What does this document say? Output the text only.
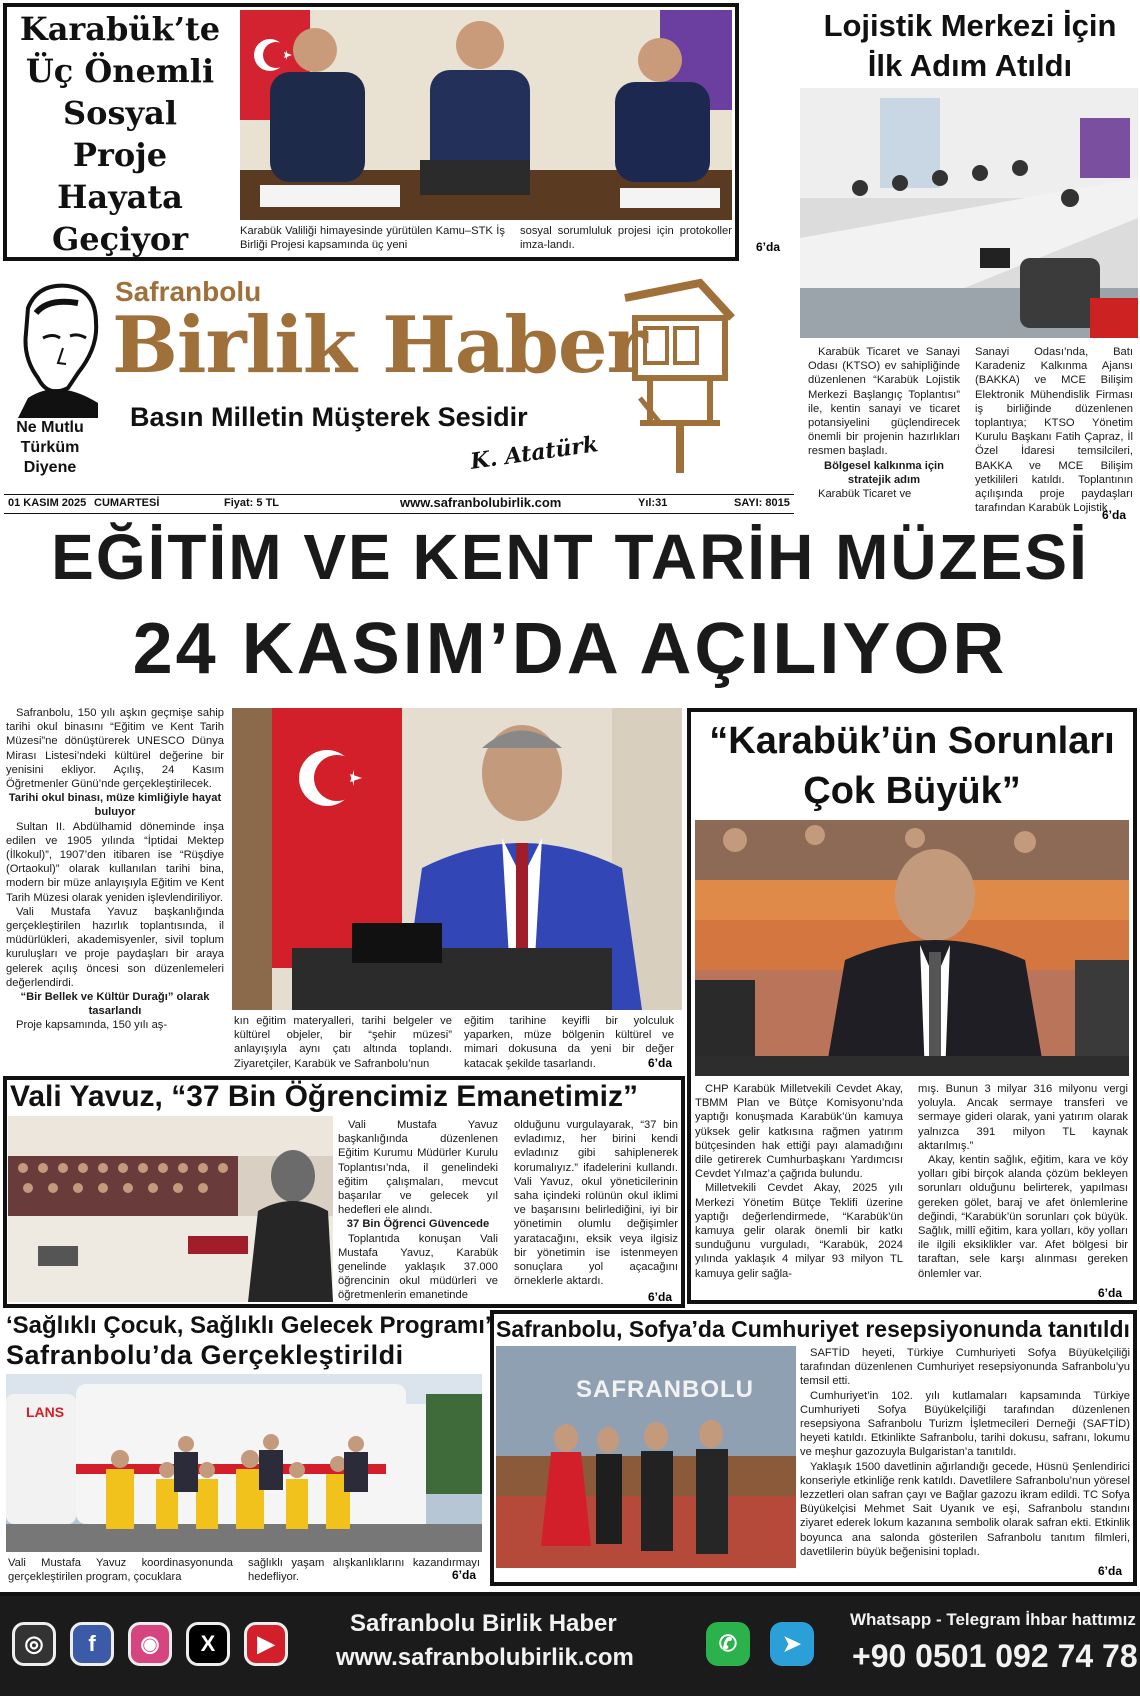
Karabük’te
Üç Önemli
Sosyal
Proje
Hayata
Geçiyor	Karabük Valiliği himayesinde yürütülen Kamu–STK İş Birliği Projesi kapsamında üç yeni
sosyal sorumluluk projesi için protokoller imza-landı.	6’da
Ne Mutlu
Türküm
Diyene
Safranbolu
Birlik Haber
Basın Milletin Müşterek Sesidir
K. Atatürk
01 KASIM 2025 CUMARTESİ	Fiyat: 5 TL	www.safranbolubirlik.com	Yıl:31	SAYI: 8015
Lojistik Merkezi İçin
İlk Adım Atıldı

Karabük Ticaret ve Sanayi Odası (KTSO) ev sahipliğinde düzenlenen “Karabük Lojistik Merkezi Başlangıç Toplantısı” ile, kentin sanayi ve ticaret potansiyelini güçlendirecek önemli bir projenin hazırlıkları resmen başladı.

Bölgesel kalkınma için stratejik adım

Karabük Ticaret ve

Sanayi Odası’nda, Batı Karadeniz Kalkınma Ajansı (BAKKA) ve MCE Bilişim Elektronik Mühendislik Firması iş birliğinde düzenlenen toplantıya; KTSO Yönetim Kurulu Başkanı Fatih Çapraz, İl Özel İdaresi temsilcileri, BAKKA ve MCE Bilişim yetkilileri katıldı. Toplantının açılışında proje paydaşları tarafından Karabük Lojistik

6’da
EĞİTİM VE KENT TARİH MÜZESİ
24 KASIM’DA AÇILIYOR

Safranbolu, 150 yılı aşkın geçmişe sahip tarihi okul binasını “Eğitim ve Kent Tarih Müzesi”ne dönüştürerek UNESCO Dünya Mirası Listesi’ndeki kültürel değerine bir yenisini ekliyor. Açılış, 24 Kasım Öğretmenler Günü’nde gerçekleştirilecek.

Tarihi okul binası, müze kimliğiyle hayat buluyor

Sultan II. Abdülhamid döneminde inşa edilen ve 1905 yılında “İptidai Mektep (İlkokul)”, 1907’den itibaren ise “Rüşdiye (Ortaokul)” olarak kullanılan tarihi bina, modern bir müze anlayışıyla Eğitim ve Kent Tarih Müzesi olarak yeniden işlevlendiriliyor.

Vali Mustafa Yavuz başkanlığında gerçekleştirilen hazırlık toplantısında, il müdürlükleri, akademisyenler, sivil toplum kuruluşları ve proje paydaşları bir araya gelerek açılış öncesi son düzenlemeleri değerlendirdi.

“Bir Bellek ve Kültür Durağı” olarak tasarlandı

Proje kapsamında, 150 yılı aş-	kın eğitim materyalleri, tarihi belgeler ve kültürel objeler, bir “şehir müzesi” anlayışıyla aynı çatı altında toplandı. Ziyaretçiler, Karabük ve Safranbolu’nun
eğitim tarihine keyifli bir yolculuk yaparken, müze bölgenin kültürel ve mimari dokusuna da yeni bir değer katacak şekilde tasarlandı.	6’da
“Karabük’ün Sorunları
Çok Büyük”

CHP Karabük Milletvekili Cevdet Akay, TBMM Plan ve Bütçe Komisyonu’nda yaptığı konuşmada Karabük’ün kamuya yüksek gelir katkısına rağmen yatırım bütçesinden hak ettiği payı alamadığını dile getirerek Cumhurbaşkanı Yardımcısı Cevdet Yılmaz’a çağrıda bulundu.

Milletvekili Cevdet Akay, 2025 yılı Merkezi Yönetim Bütçe Teklifi üzerine yaptığı değerlendirmede, “Karabük’ün kamuya gelir olarak önemli bir katkı sunduğunu vurguladı, “Karabük, 2024 yılında yaklaşık 4 milyar 93 milyon TL kamuya gelir sağla-

mış. Bunun 3 milyar 316 milyonu vergi yoluyla. Ancak sermaye transferi ve sermaye gideri olarak, yani yatırım olarak yalnızca 391 milyon TL kaynak aktarılmış.”

Akay, kentin sağlık, eğitim, kara ve köy yolları gibi birçok alanda çözüm bekleyen sorunları olduğunu belirterek, yapılması gereken gölet, baraj ve afet önlemlerine değindi, “Karabük’ün sorunları çok büyük. Sağlık, millî eğitim, kara yolları, köy yolları ile ilgili eksiklikler var. Afet bölgesi bir taraftan, sele karşı alınması gereken önlemler var.

6’da
Vali Yavuz, “37 Bin Öğrencimiz Emanetimiz”

Vali Mustafa Yavuz başkanlığında düzenlenen Eğitim Kurumu Müdürler Kurulu Toplantısı’nda, il genelindeki eğitim çalışmaları, mevcut başarılar ve gelecek yıl hedefleri ele alındı.

37 Bin Öğrenci Güvencede

Toplantıda konuşan Vali Mustafa Yavuz, Karabük genelinde yaklaşık 37.000 öğrencinin okul müdürleri ve öğretmenlerin emanetinde

olduğunu vurgulayarak, “37 bin evladımız, her birini kendi evladınız gibi sahiplenerek korumalıyız.” ifadelerini kullandı. Vali Yavuz, okul yöneticilerinin saha içindeki rolünün okul iklimi ve başarısını belirlediğini, iyi bir yönetimin olumlu değişimler yaratacağını, eksik veya ilgisiz bir yönetimin ise istenmeyen sonuçlara yol açacağını örneklerle aktardı.

6’da
‘Sağlıklı Çocuk, Sağlıklı Gelecek Programı’
Safranbolu’da Gerçekleştirildi
LANS
Vali Mustafa Yavuz koordinasyonunda gerçekleştirilen program, çocuklara
sağlıklı yaşam alışkanlıklarını kazandırmayı hedefliyor.	6’da
Safranbolu, Sofya’da Cumhuriyet resepsiyonunda tanıtıldı
SAFRANBOLU

SAFTİD heyeti, Türkiye Cumhuriyeti Sofya Büyükelçiliği tarafından düzenlenen Cumhuriyet resepsiyonunda Safranbolu’yu temsil etti.

Cumhuriyet’in 102. yılı kutlamaları kapsamında Türkiye Cumhuriyeti Sofya Büyükelçiliği tarafından düzenlenen resepsiyona Safranbolu Turizm İşletmecileri Derneği (SAFTİD) heyeti katıldı. Etkinlikte Safranbolu, tarihi dokusu, safranı, lokumu ve meşhur gazozuyla Bulgaristan’a tanıtıldı.

Yaklaşık 1500 davetlinin ağırlandığı gecede, Hüsnü Şenlendirici konseriyle etkinliğe renk katıldı. Davetlilere Safranbolu’nun yöresel lezzetleri olan safran çayı ve Bağlar gazozu ikram edildi. TC Sofya Büyükelçisi Mehmet Sait Uyanık ve eşi, Safranbolu standını ziyaret ederek lokum kazanına sembolik olarak safran ekti. Etkinlik boyunca ana salonda gösterilen Safranbolu tanıtım filmleri, davetlilerin büyük beğenisini topladı.

6’da
◎	f	◉	X	▶
Safranbolu Birlik Haber
www.safranbolubirlik.com
✆	➤
Whatsapp - Telegram İhbar hattımız
+90 0501 092 74 78
